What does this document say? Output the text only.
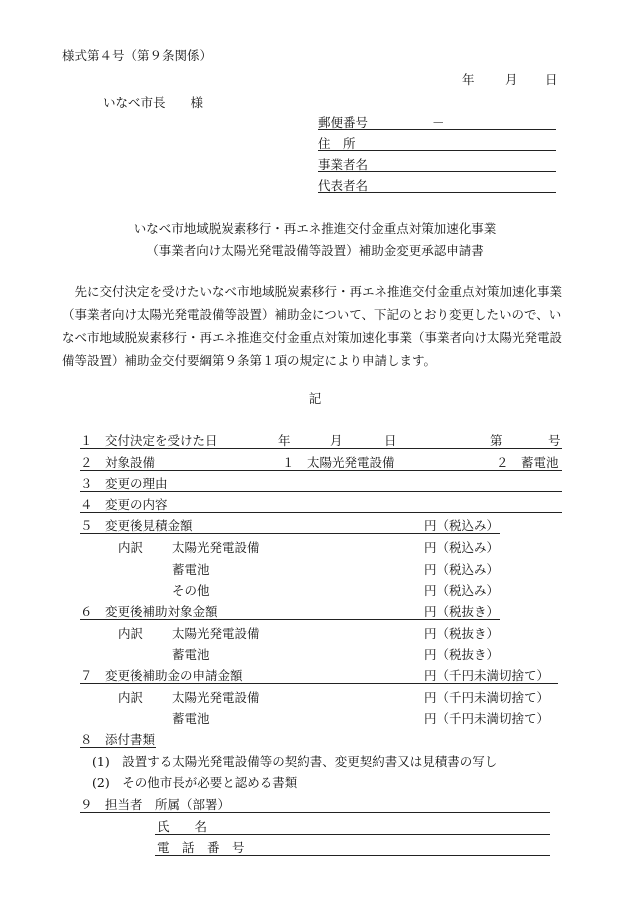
様式第４号（第９条関係）
年 月 日
いなべ市長　　様
郵便番号	－
住　所
事業者名
代表者名
いなべ市地域脱炭素移行・再エネ推進交付金重点対策加速化事業
（事業者向け太陽光発電設備等設置）補助金変更承認申請書
　先に交付決定を受けたいなべ市地域脱炭素移行・再エネ推進交付金重点対策加速化事業（事業者向け太陽光発電設備等設置）補助金について、下記のとおり変更したいので、いなべ市地域脱炭素移行・再エネ推進交付金重点対策加速化事業（事業者向け太陽光発電設備等設置）補助金交付要綱第９条第１項の規定により申請します。
記
１　交付決定を受けた日	年	月	日	第	号
２　対象設備	１　太陽光発電設備	２　蓄電池
３　変更の理由
４　変更の内容
５　変更後見積金額	円（税込み）
内訳 太陽光発電設備	円（税込み）
蓄電池	円（税込み）
その他	円（税込み）
６　変更後補助対象金額	円（税抜き）
内訳 太陽光発電設備	円（税抜き）
蓄電池	円（税抜き）
７　変更後補助金の申請金額	円（千円未満切捨て）
内訳 太陽光発電設備	円（千円未満切捨て）
蓄電池	円（千円未満切捨て）
８　添付書類
(1)　設置する太陽光発電設備等の契約書、変更契約書又は見積書の写し
(2)　その他市長が必要と認める書類
９　担当者　所属（部署）
氏　　名
電　話　番　号
